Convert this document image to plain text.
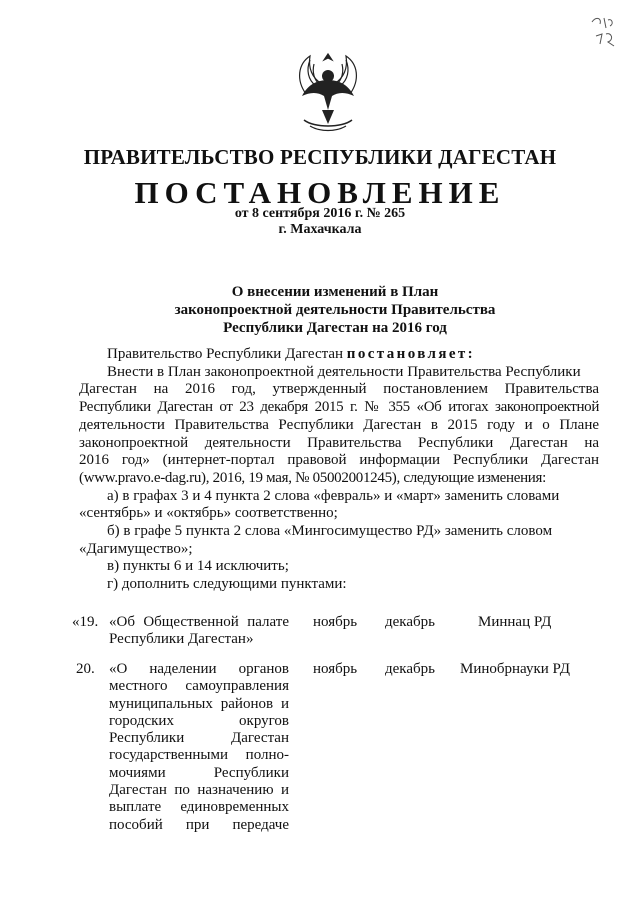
ПРАВИТЕЛЬСТВО РЕСПУБЛИКИ ДАГЕСТАН
ПОСТАНОВЛЕНИЕ
от 8 сентября 2016 г. № 265
г. Махачкала
О внесении изменений в План
законопроектной деятельности Правительства
Республики Дагестан на 2016 год
Правительство Республики Дагестан постановляет:
Внести в План законопроектной деятельности Правительства Республики
Дагестан на 2016 год, утвержденный постановлением Правительства
Республики Дагестан от 23 декабря 2015 г. № 355 «Об итогах законопроектной
деятельности Правительства Республики Дагестан в 2015 году и о Плане
законопроектной деятельности Правительства Республики Дагестан на
2016 год» (интернет-портал правовой информации Республики Дагестан
(www.pravo.e-dag.ru), 2016, 19 мая, № 05002001245), следующие изменения:
а) в графах 3 и 4 пункта 2 слова «февраль» и «март» заменить словами
«сентябрь» и «октябрь» соответственно;
б) в графе 5 пункта 2 слова «Мингосимущество РД» заменить словом
«Дагимущество»;
в) пункты 6 и 14 исключить;
г) дополнить следующими пунктами:
«19. «Об Общественной палате
Республики Дагестан»
ноябрь декабрь	Миннац РД
20. «О наделении органов
местного самоуправления
муниципальных районов и
городских округов
Республики Дагестан
государственными полно-
мочиями Республики
Дагестан по назначению и
выплате единовременных
пособий при передаче
ноябрь декабрь Минобрнауки РД
